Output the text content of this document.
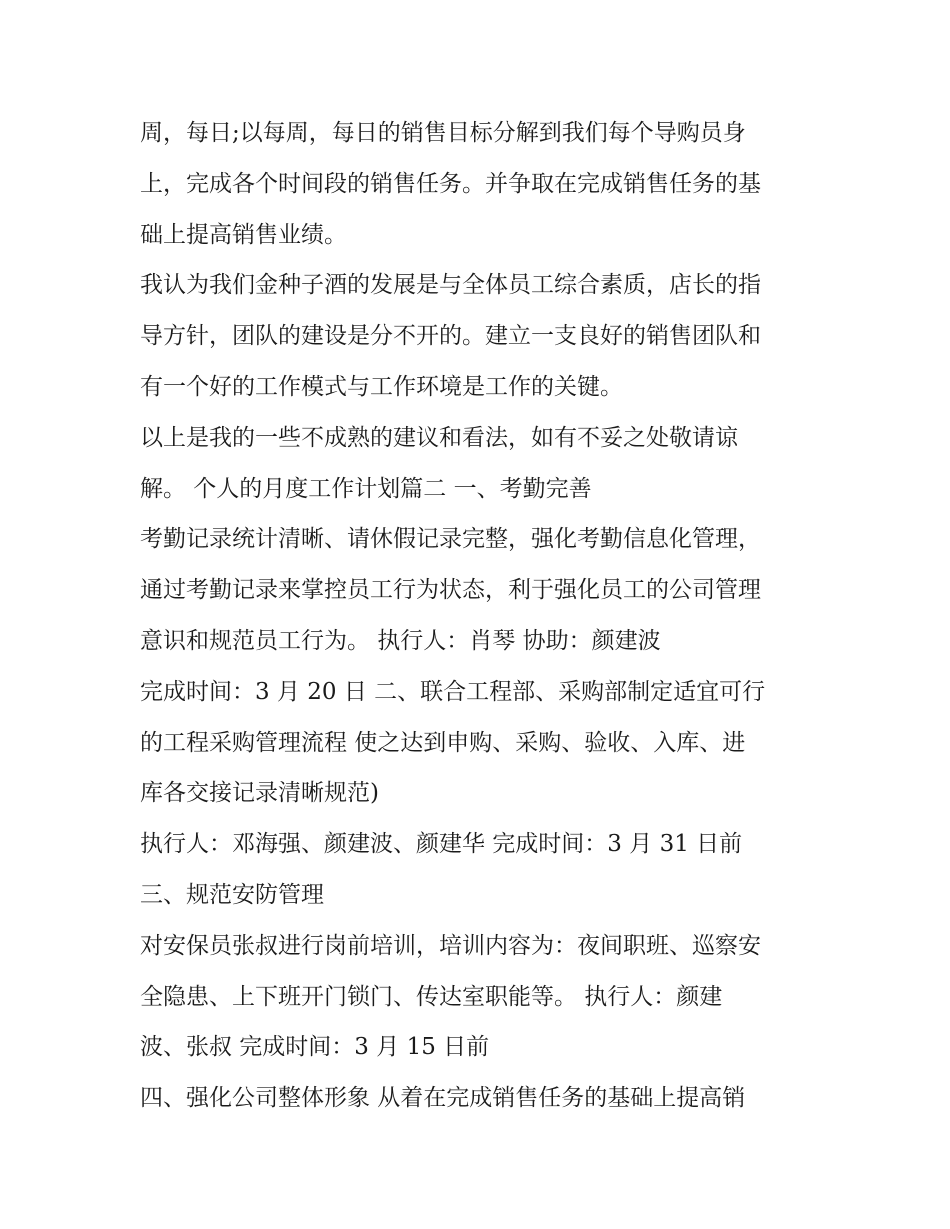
周，每日;以每周，每日的销售目标分解到我们每个导购员身
上，完成各个时间段的销售任务。并争取在完成销售任务的基
础上提高销售业绩。
我认为我们金种子酒的发展是与全体员工综合素质，店长的指
导方针，团队的建设是分不开的。建立一支良好的销售团队和
有一个好的工作模式与工作环境是工作的关键。
以上是我的一些不成熟的建议和看法，如有不妥之处敬请谅
解。 个人的月度工作计划篇二 一、考勤完善
考勤记录统计清晰、请休假记录完整，强化考勤信息化管理，
通过考勤记录来掌控员工行为状态，利于强化员工的公司管理
意识和规范员工行为。 执行人：肖琴 协助：颜建波
完成时间：3 月 20 日 二、联合工程部、采购部制定适宜可行
的工程采购管理流程 使之达到申购、采购、验收、入库、进
库各交接记录清晰规范)
执行人：邓海强、颜建波、颜建华 完成时间：3 月 31 日前
三、规范安防管理
对安保员张叔进行岗前培训，培训内容为：夜间职班、巡察安
全隐患、上下班开门锁门、传达室职能等。 执行人：颜建
波、张叔 完成时间：3 月 15 日前
四、强化公司整体形象 从着在完成销售任务的基础上提高销
